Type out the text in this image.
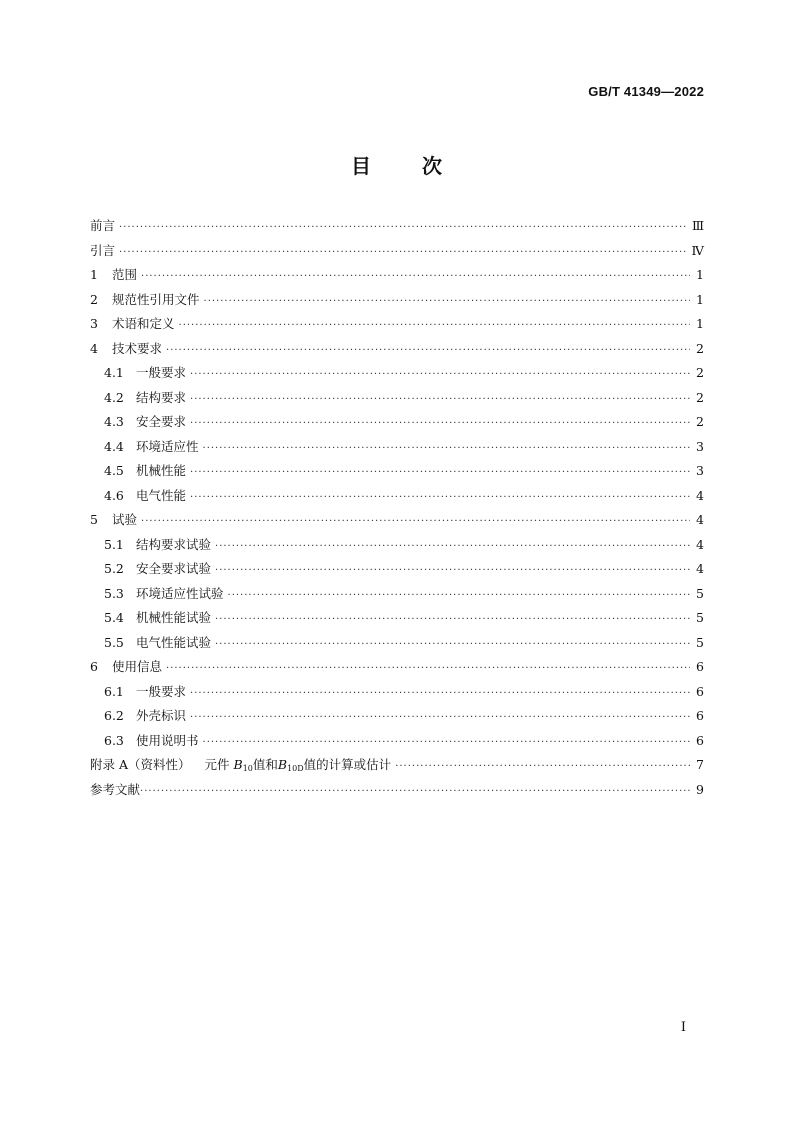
GB/T 41349—2022
目 次
前言 ·····	Ⅲ
引言 ·····	Ⅳ
1	范围 ·····	1
2	规范性引用文件 ·····	1
3	术语和定义 ·····	1
4	技术要求 ·····	2
4.1 一般要求 ·····	2
4.2 结构要求 ·····	2
4.3 安全要求 ·····	2
4.4 环境适应性 ·····	3
4.5 机械性能 ·····	3
4.6 电气性能 ·····	4
5	试验 ·····	4
5.1 结构要求试验 ·····	4
5.2 安全要求试验 ·····	4
5.3 环境适应性试验 ·····	5
5.4 机械性能试验 ·····	5
5.5 电气性能试验 ·····	5
6	使用信息 ·····	6
6.1 一般要求 ·····	6
6.2 外壳标识 ·····	6
6.3 使用说明书 ·····	6
附录 A（资料性） 元件 $B_{10}$值和$B_{10D}$值的计算或估计 ·····	7
参考文献 ·····	9
I
